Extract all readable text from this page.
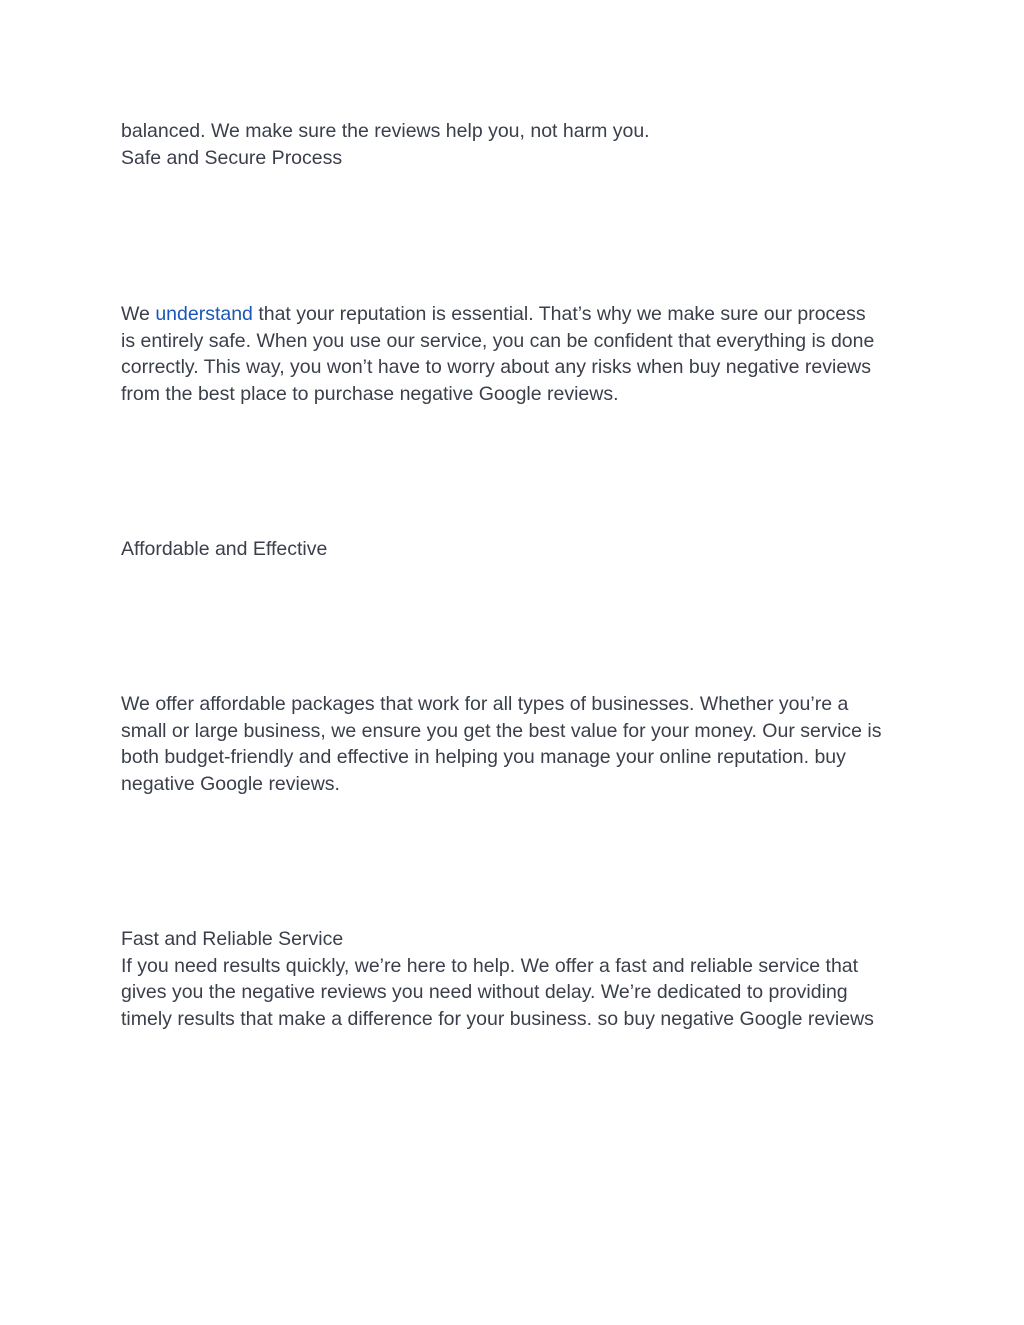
balanced. We make sure the reviews help you, not harm you.
Safe and Secure Process
We understand that your reputation is essential. That’s why we make sure our process
is entirely safe. When you use our service, you can be confident that everything is done
correctly. This way, you won’t have to worry about any risks when buy negative reviews
from the best place to purchase negative Google reviews.
Affordable and Effective
We offer affordable packages that work for all types of businesses. Whether you’re a
small or large business, we ensure you get the best value for your money. Our service is
both budget-friendly and effective in helping you manage your online reputation. buy
negative Google reviews.
Fast and Reliable Service
If you need results quickly, we’re here to help. We offer a fast and reliable service that
gives you the negative reviews you need without delay. We’re dedicated to providing
timely results that make a difference for your business. so buy negative Google reviews
